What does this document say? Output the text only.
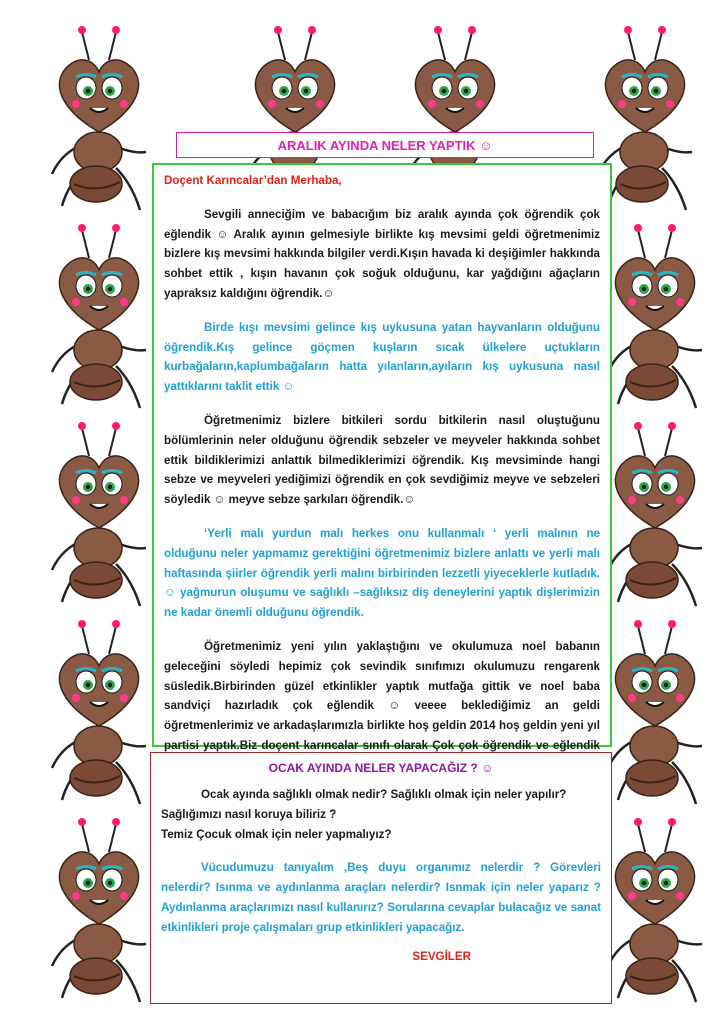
ARALIK AYINDA NELER YAPTIK ☺

Doçent Karıncalar’dan Merhaba,

Sevgili anneciğim ve babacığım biz aralık ayında çok öğrendik çok eğlendik ☺ Aralık ayının gelmesiyle birlikte kış mevsimi geldi öğretmenimiz bizlere kış mevsimi hakkında bilgiler verdi.Kışın havada ki deşiğimler hakkında sohbet ettik , kışın havanın çok soğuk olduğunu, kar yağdığını ağaçların yapraksız kaldığını öğrendik.☺

Birde kışı mevsimi gelince kış uykusuna yatan hayvanların olduğunu öğrendik.Kış gelince göçmen kuşların sıcak ülkelere uçtukların kurbağaların,kaplumbağaların hatta yılanların,ayıların kış uykusuna nasıl yattıklarını taklit ettik ☺

Öğretmenimiz bizlere bitkileri sordu bitkilerin nasıl oluştuğunu bölümlerinin neler olduğunu öğrendik sebzeler ve meyveler hakkında sohbet ettik bildiklerimizi anlattık bilmediklerimizi öğrendik. Kış mevsiminde hangi sebze ve meyveleri yediğimizi öğrendik en çok sevdiğimiz meyve ve sebzeleri söyledik ☺ meyve sebze şarkıları öğrendik.☺

‘Yerli malı yurdun malı herkes onu kullanmalı ‘ yerli malının ne olduğunu neler yapmamız gerektiğini öğretmenimiz bizlere anlattı ve yerli malı haftasında şiirler öğrendik yerli malını birbirinden lezzetli yiyeceklerle kutladık. ☺ yağmurun oluşumu ve sağlıklı –sağlıksız diş deneylerini yaptık dişlerimizin ne kadar önemli olduğunu öğrendik.

Öğretmenimiz yeni yılın yaklaştığını ve okulumuza noel babanın geleceğini söyledi hepimiz çok sevindik sınıfımızı okulumuzu rengarenk süsledik.Birbirinden güzel etkinlikler yaptık mutfağa gittik ve noel baba sandviçi hazırladık çok eğlendik ☺ veeee beklediğimiz an geldi öğretmenlerimiz ve arkadaşlarımızla birlikte hoş geldin 2014 hoş geldin yeni yıl partisi yaptık.Biz doçent karıncalar sınıfı olarak Çok çok öğrendik ve eğlendik

OCAK AYINDA NELER YAPACAĞIZ ? ☺

Ocak ayında sağlıklı olmak nedir? Sağlıklı olmak için neler yapılır?

Sağlığımızı nasıl koruya biliriz ?

Temiz Çocuk olmak için neler yapmalıyız?

Vücudumuzu tanıyalım ,Beş duyu organımız nelerdir ? Görevleri nelerdir? Isınma ve aydınlanma araçları nelerdir? Isnmak için neler yaparız ? Aydınlanma araçlarımızı nasıl kullanırız? Sorularına cevaplar bulacağız ve sanat etkinlikleri proje çalışmaları grup etkinlikleri yapacağız.

SEVGİLER
